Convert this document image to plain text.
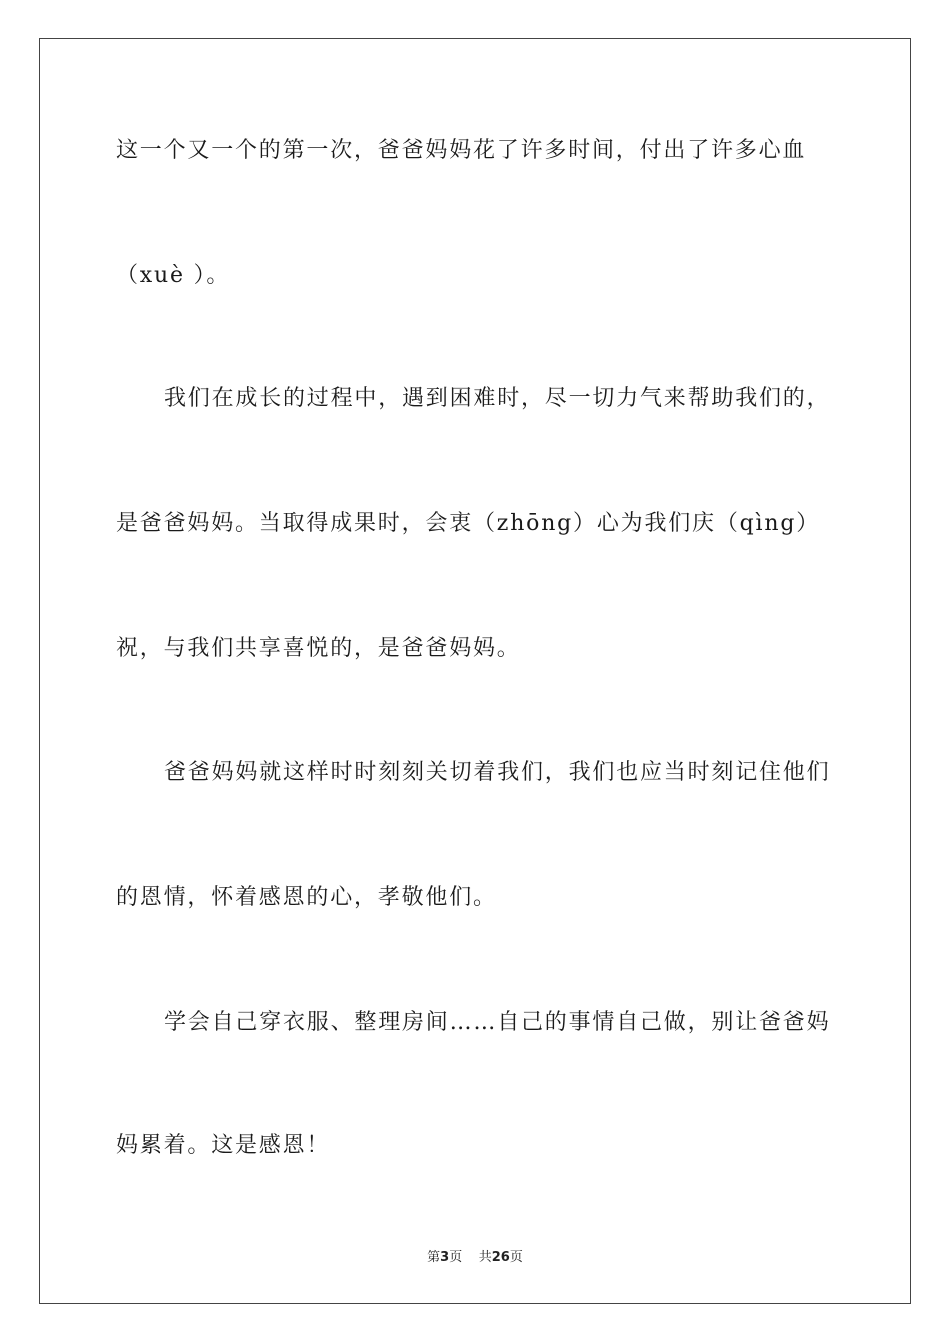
这一个又一个的第一次，爸爸妈妈花了许多时间，付出了许多心血
（xuè ）。
我们在成长的过程中，遇到困难时，尽一切力气来帮助我们的，
是爸爸妈妈。当取得成果时，会衷（zhōng）心为我们庆（qìng）
祝，与我们共享喜悦的，是爸爸妈妈。
爸爸妈妈就这样时时刻刻关切着我们，我们也应当时刻记住他们
的恩情，怀着感恩的心，孝敬他们。
学会自己穿衣服、整理房间……自己的事情自己做，别让爸爸妈
妈累着。这是感恩！
第3页 共26页
